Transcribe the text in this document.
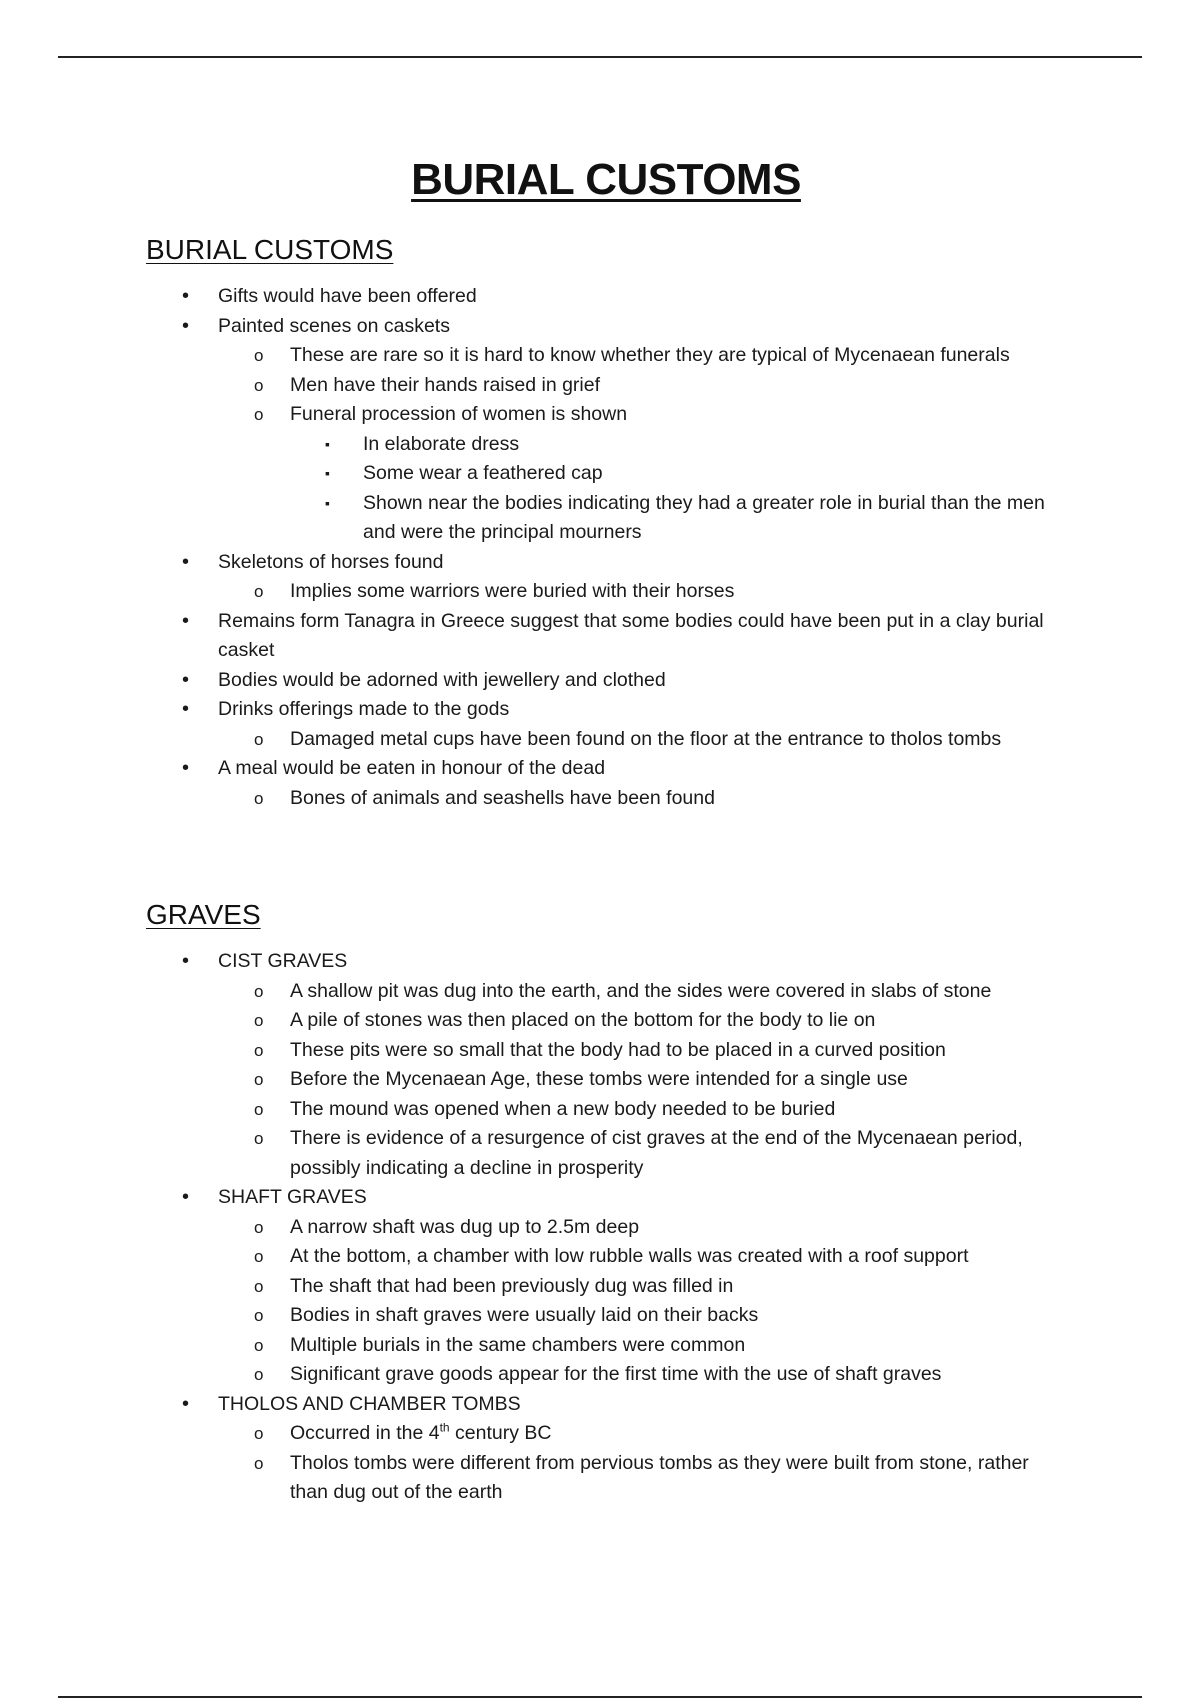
BURIAL CUSTOMS
BURIAL CUSTOMS
• Gifts would have been offered
• Painted scenes on caskets
o These are rare so it is hard to know whether they are typical of Mycenaean funerals
o Men have their hands raised in grief
o Funeral procession of women is shown
▪ In elaborate dress
▪ Some wear a feathered cap
▪ Shown near the bodies indicating they had a greater role in burial than the men and were the principal mourners
• Skeletons of horses found
o Implies some warriors were buried with their horses
• Remains form Tanagra in Greece suggest that some bodies could have been put in a clay burial casket
• Bodies would be adorned with jewellery and clothed
• Drinks offerings made to the gods
o Damaged metal cups have been found on the floor at the entrance to tholos tombs
• A meal would be eaten in honour of the dead
o Bones of animals and seashells have been found
GRAVES
• CIST GRAVES
o A shallow pit was dug into the earth, and the sides were covered in slabs of stone
o A pile of stones was then placed on the bottom for the body to lie on
o These pits were so small that the body had to be placed in a curved position
o Before the Mycenaean Age, these tombs were intended for a single use
o The mound was opened when a new body needed to be buried
o There is evidence of a resurgence of cist graves at the end of the Mycenaean period, possibly indicating a decline in prosperity
• SHAFT GRAVES
o A narrow shaft was dug up to 2.5m deep
o At the bottom, a chamber with low rubble walls was created with a roof support
o The shaft that had been previously dug was filled in
o Bodies in shaft graves were usually laid on their backs
o Multiple burials in the same chambers were common
o Significant grave goods appear for the first time with the use of shaft graves
• THOLOS AND CHAMBER TOMBS
o Occurred in the 4th century BC
o Tholos tombs were different from pervious tombs as they were built from stone, rather than dug out of the earth
